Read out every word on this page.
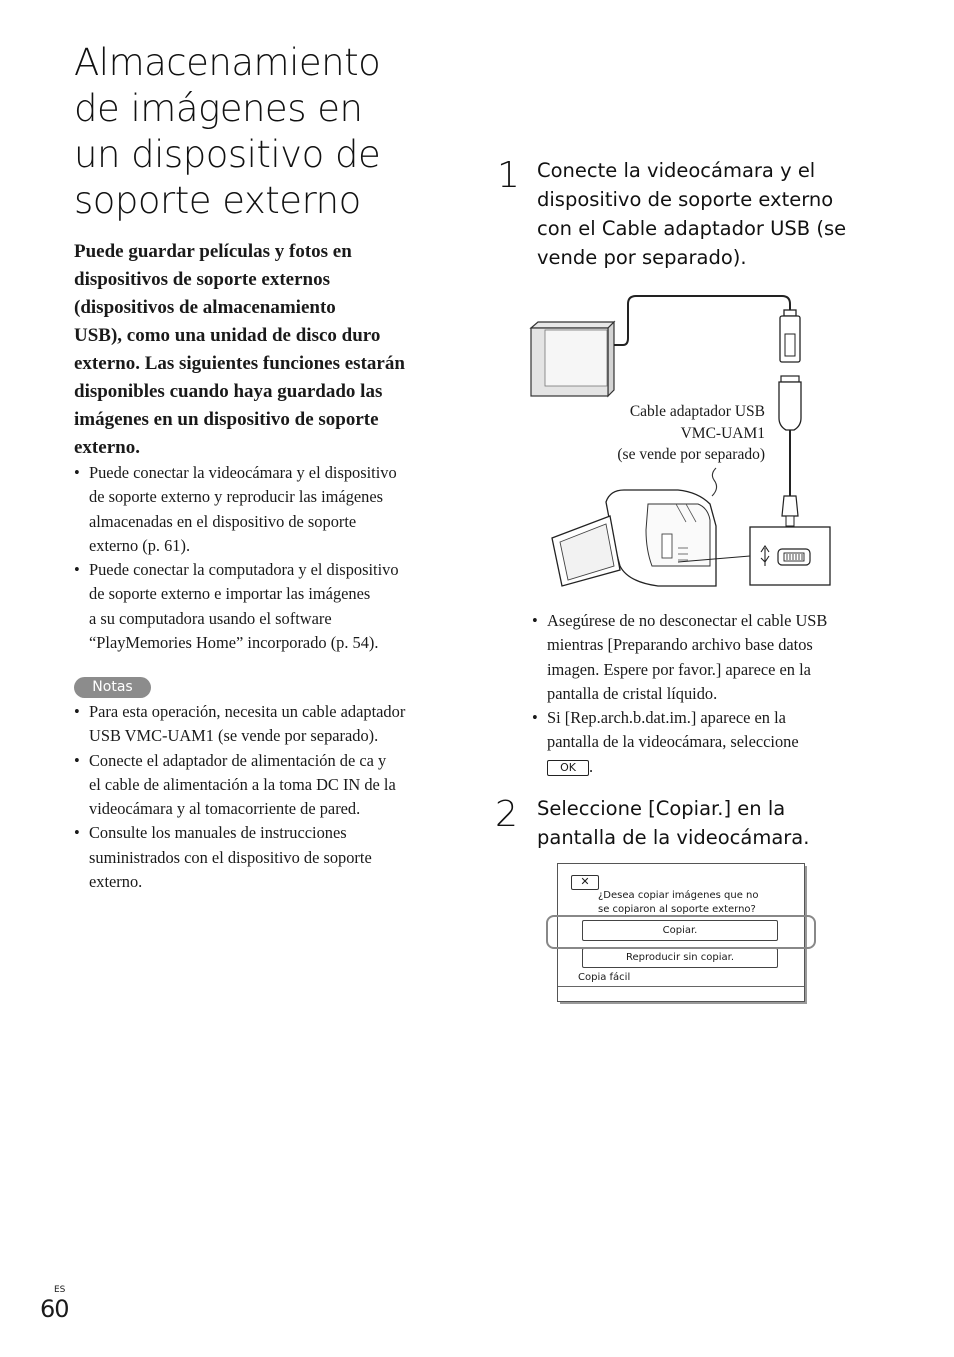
Almacenamiento
de imágenes en
un dispositivo de
soporte externo
Puede guardar películas y fotos en
dispositivos de soporte externos
(dispositivos de almacenamiento
USB), como una unidad de disco duro
externo. Las siguientes funciones estarán
disponibles cuando haya guardado las
imágenes en un dispositivo de soporte
externo.
• Puede conectar la videocámara y el dispositivo
de soporte externo y reproducir las imágenes
almacenadas en el dispositivo de soporte
externo (p. 61).
• Puede conectar la computadora y el dispositivo
de soporte externo e importar las imágenes
a su computadora usando el software
“PlayMemories Home” incorporado (p. 54).
Notas
• Para esta operación, necesita un cable adaptador
USB VMC-UAM1 (se vende por separado).
• Conecte el adaptador de alimentación de ca y
el cable de alimentación a la toma DC IN de la
videocámara y al tomacorriente de pared.
• Consulte los manuales de instrucciones
suministrados con el dispositivo de soporte
externo.
1 Conecte la videocámara y el
dispositivo de soporte externo
con el Cable adaptador USB (se
vende por separado).
Cable adaptador USB
VMC-UAM1
(se vende por separado)
• Asegúrese de no desconectar el cable USB
mientras [Preparando archivo base datos
imagen. Espere por favor.] aparece en la
pantalla de cristal líquido.
• Si [Rep.arch.b.dat.im.] aparece en la
pantalla de la videocámara, seleccione
OK .
2 Seleccione [Copiar.] en la
pantalla de la videocámara.
✕
¿Desea copiar imágenes que no
se copiaron al soporte externo?
Copiar.
Reproducir sin copiar.
Copia fácil
ES
60
